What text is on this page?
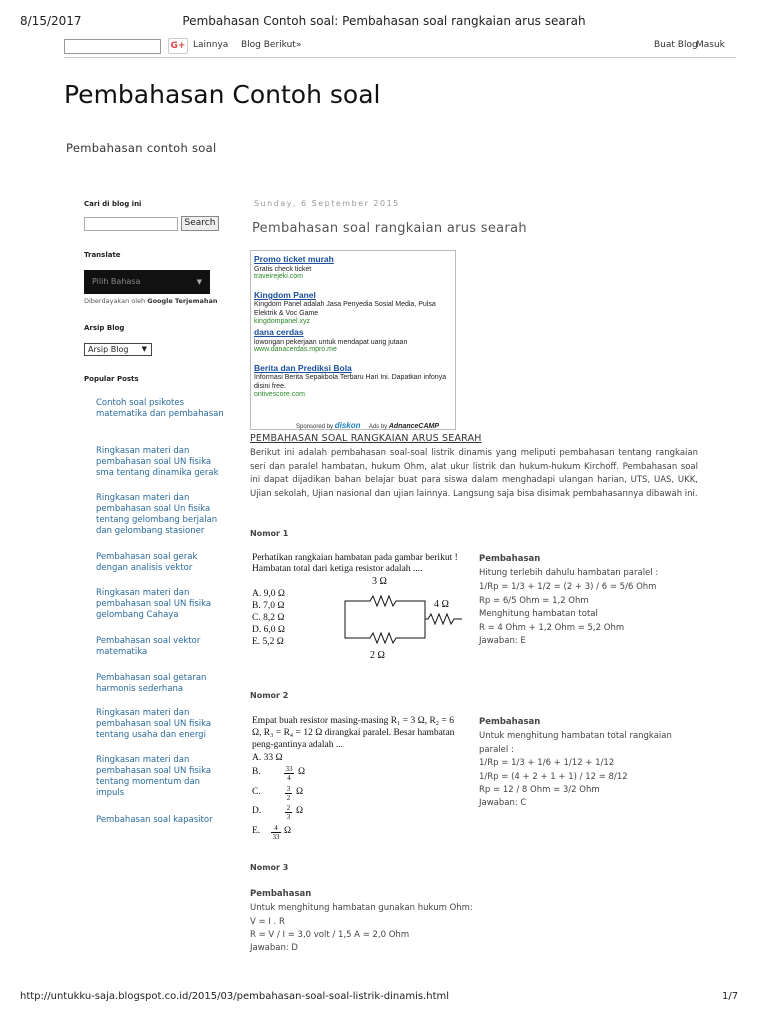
8/15/2017	Pembahasan Contoh soal: Pembahasan soal rangkaian arus searah
G+ Lainnya Blog Berikut»	Buat Blog
Masuk
Pembahasan Contoh soal
Pembahasan contoh soal
Cari di blog ini
Search
Translate
Pilih Bahasa	▼
Diberdayakan oleh Google Terjemahan
Arsip Blog
Arsip Blog ▼
Popular Posts
Contoh soal psikotes matematika dan pembahasan
Ringkasan materi dan pembahasan soal UN fisika sma tentang dinamika gerak
Ringkasan materi dan pembahasan soal Un fisika tentang gelombang berjalan dan gelombang stasioner
Pembahasan soal gerak dengan analisis vektor
Ringkasan materi dan pembahasan soal UN fisika gelombang Cahaya
Pembahasan soal vektor matematika
Pembahasan soal getaran harmonis sederhana
Ringkasan materi dan pembahasan soal UN fisika tentang usaha dan energi
Ringkasan materi dan pembahasan soal UN fisika tentang momentum dan impuls
Pembahasan soal kapasitor
Sunday, 6 September 2015
Pembahasan soal rangkaian arus searah
Promo ticket murah
Gratis check ticket
traveirejeki.com
Kingdom Panel
Kingdom Panel adalah Jasa Penyedia Sosial Media, Pulsa Elektrik & Voc Game
kingdompanel.xyz
dana cerdas
lowongan pekerjaan untuk mendapat uang jutaan
www.danacerdas.mpro.me
Berita dan Prediksi Bola
Informasi Berita Sepakbola Terbaru Hari Ini. Dapatkan infonya disini free.
ontivescore.com
Sponsored by diskon Ads by AdnanceCAMP
PEMBAHASAN SOAL RANGKAIAN ARUS SEARAH
Berikut ini adalah pembahasan soal-soal listrik dinamis yang meliputi pembahasan tentang rangkaian seri dan paralel hambatan, hukum Ohm, alat ukur listrik dan hukum-hukum Kirchoff. Pembahasan soal ini dapat dijadikan bahan belajar buat para siswa dalam menghadapi ulangan harian, UTS, UAS, UKK, Ujian sekolah, Ujian nasional dan ujian lainnya. Langsung saja bisa disimak pembahasannya dibawah ini.
Nomor 1
Perhatikan rangkaian hambatan pada gambar berikut !
Hambatan total dari ketiga resistor adalah ....
A. 9,0 Ω
B. 7,0 Ω
C. 8,2 Ω
D. 6,0 Ω
E. 5,2 Ω
3 Ω
4 Ω
2 Ω
Pembahasan
Hitung terlebih dahulu hambatan paralel :
1/Rp = 1/3 + 1/2 = (2 + 3) / 6 = 5/6 Ohm
Rp = 6/5 Ohm = 1,2 Ohm
Menghitung hambatan total
R = 4 Ohm + 1,2 Ohm = 5,2 Ohm
Jawaban: E
Nomor 2
Empat buah resistor masing-masing R₁ = 3 Ω, R₂ = 6
Ω, R₃ = R₄ = 12 Ω dirangkai paralel. Besar hambatan
peng-gantinya adalah ...
A. 33 Ω
B.	$\frac{33}{4}$ Ω
C.	$\frac{3}{2}$ Ω
D.	$\frac{2}{3}$ Ω
E. $\frac{4}{33}$ Ω
Pembahasan
Untuk menghitung hambatan total rangkaian
paralel :
1/Rp = 1/3 + 1/6 + 1/12 + 1/12
1/Rp = (4 + 2 + 1 + 1) / 12 = 8/12
Rp = 12 / 8 Ohm = 3/2 Ohm
Jawaban: C
Nomor 3
Pembahasan
Untuk menghitung hambatan gunakan hukum Ohm:
V = I . R
R = V / I = 3,0 volt / 1,5 A = 2,0 Ohm
Jawaban: D
http://untukku-saja.blogspot.co.id/2015/03/pembahasan-soal-soal-listrik-dinamis.html	1/7
